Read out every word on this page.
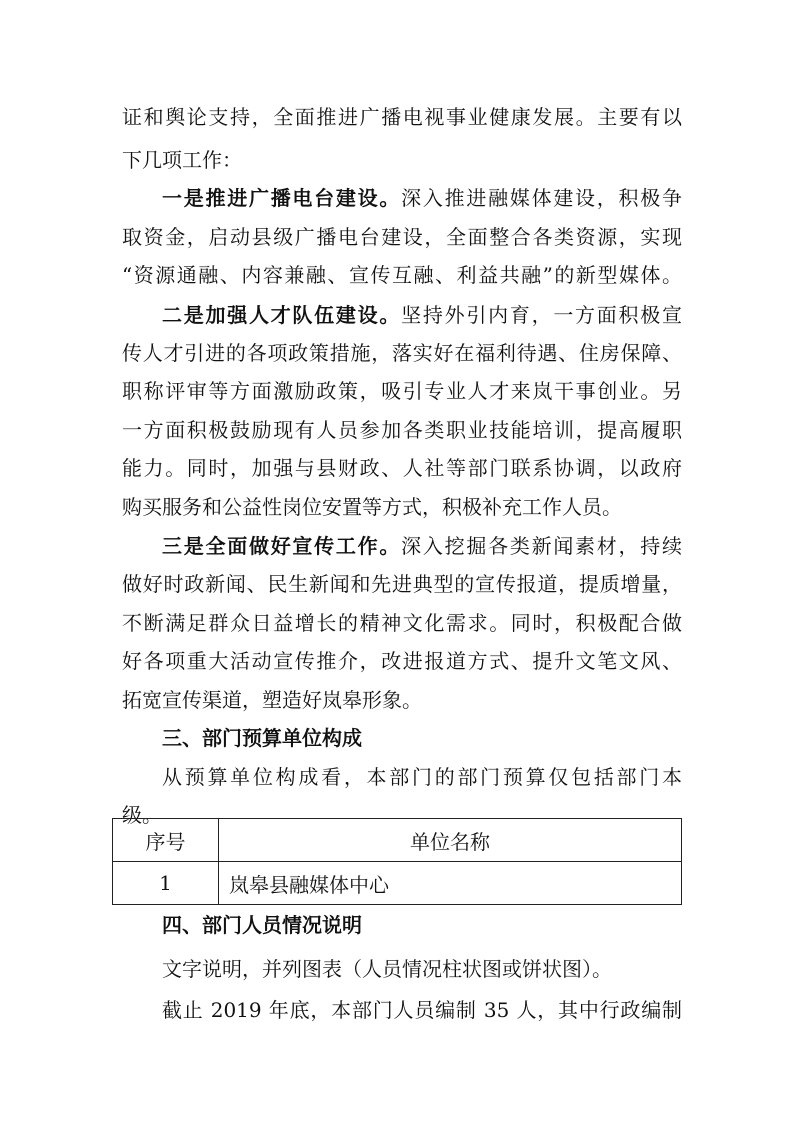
证和舆论支持，全面推进广播电视事业健康发展。主要有以
下几项工作：
一是推进广播电台建设。深入推进融媒体建设，积极争
取资金，启动县级广播电台建设，全面整合各类资源，实现
“资源通融、内容兼融、宣传互融、利益共融”的新型媒体。
二是加强人才队伍建设。坚持外引内育，一方面积极宣
传人才引进的各项政策措施，落实好在福利待遇、住房保障、
职称评审等方面激励政策，吸引专业人才来岚干事创业。另
一方面积极鼓励现有人员参加各类职业技能培训，提高履职
能力。同时，加强与县财政、人社等部门联系协调，以政府
购买服务和公益性岗位安置等方式，积极补充工作人员。
三是全面做好宣传工作。深入挖掘各类新闻素材，持续
做好时政新闻、民生新闻和先进典型的宣传报道，提质增量，
不断满足群众日益增长的精神文化需求。同时，积极配合做
好各项重大活动宣传推介，改进报道方式、提升文笔文风、
拓宽宣传渠道，塑造好岚皋形象。
三、部门预算单位构成
从预算单位构成看，本部门的部门预算仅包括部门本
级。
序号	单位名称
1	岚皋县融媒体中心
四、部门人员情况说明
文字说明，并列图表（人员情况柱状图或饼状图）。
截止 2019 年底，本部门人员编制 35 人，其中行政编制
